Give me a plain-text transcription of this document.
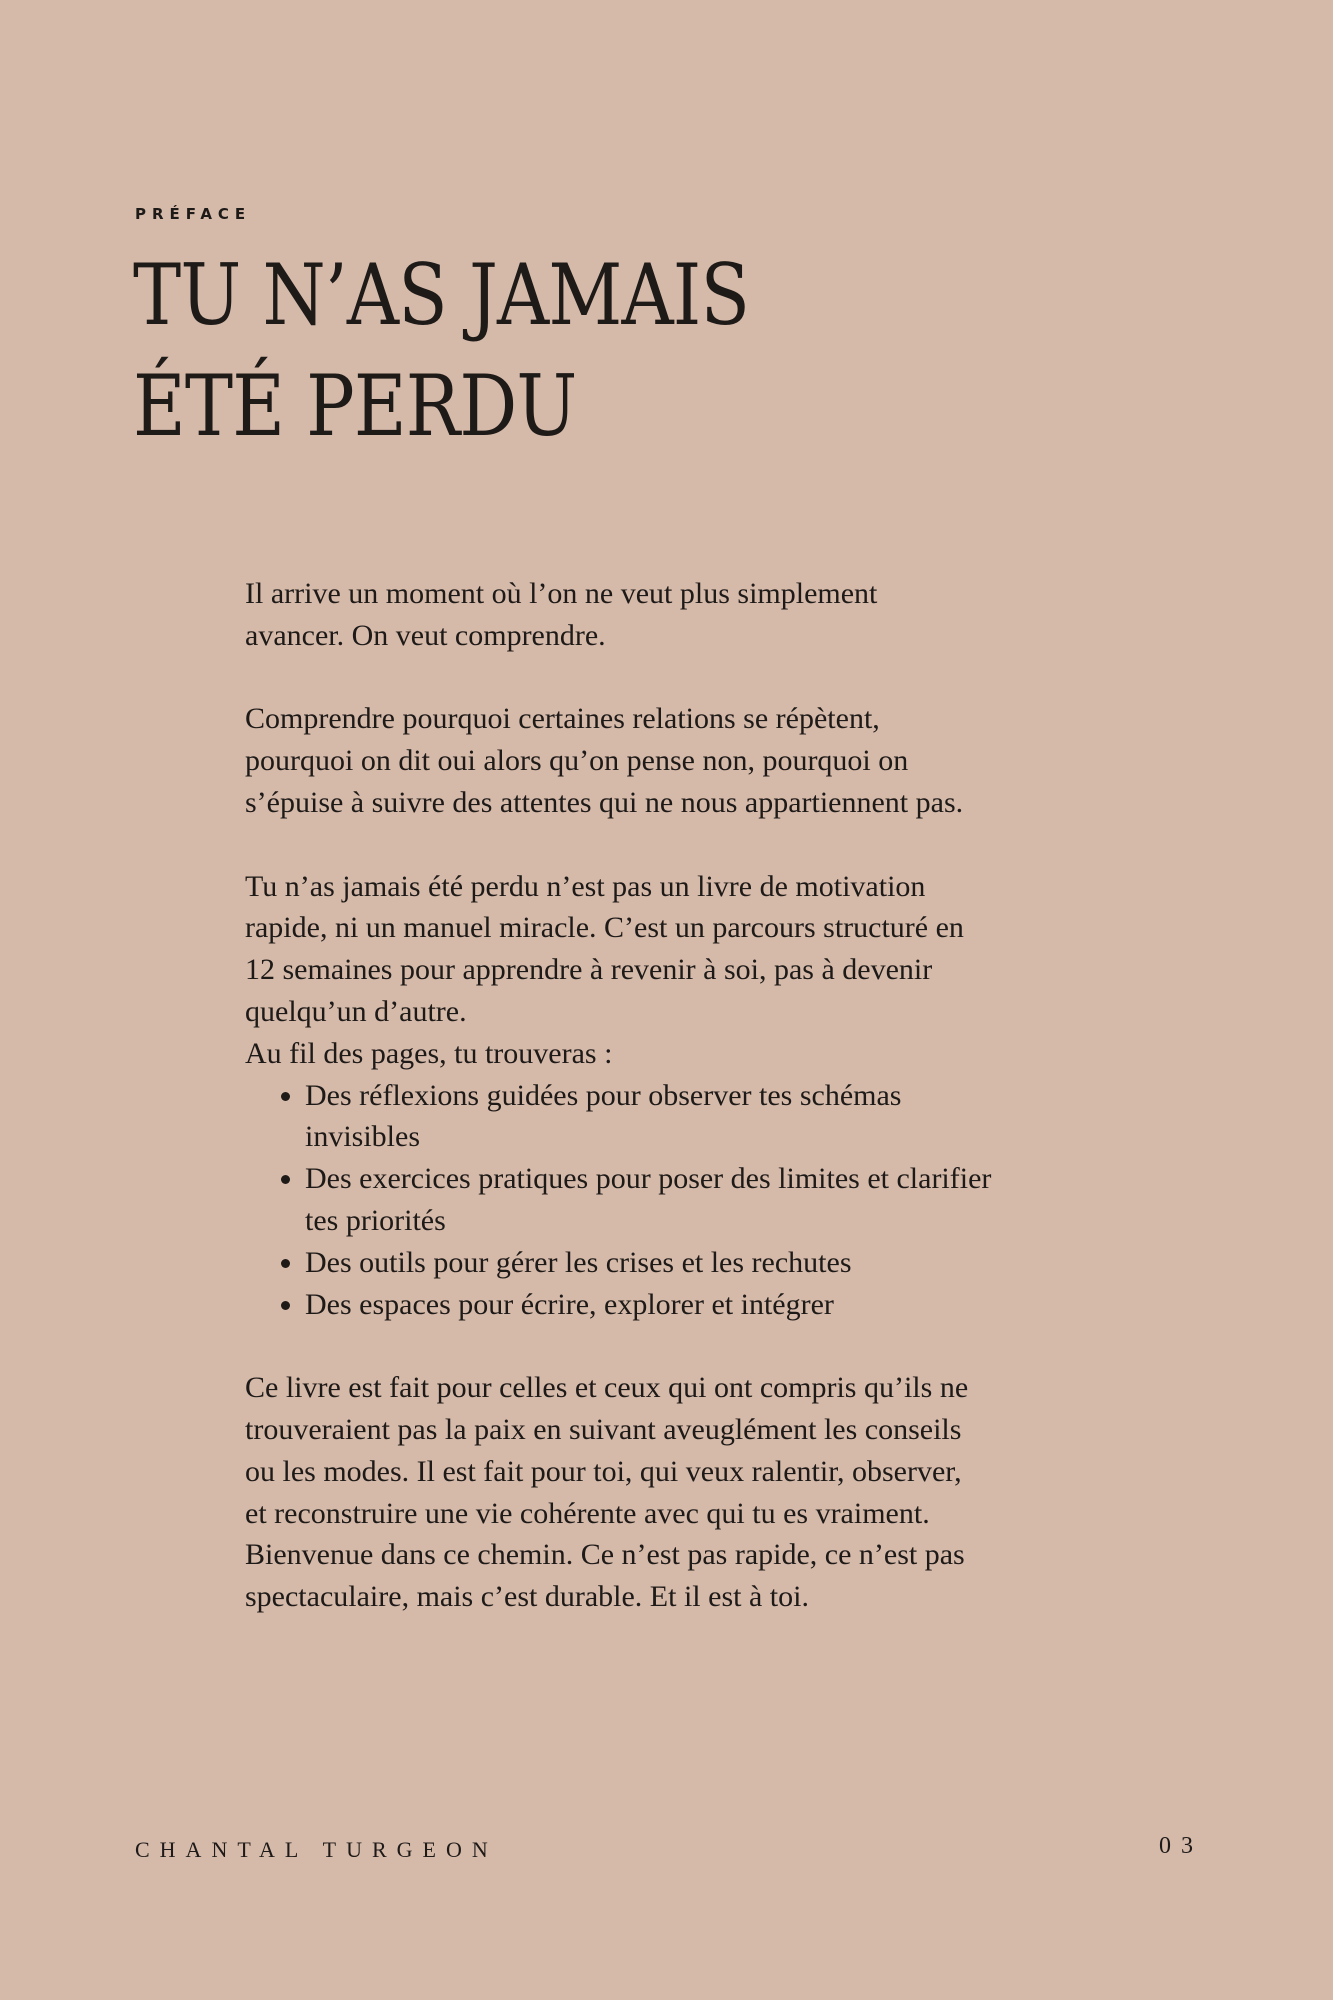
PRÉFACE

TU N’AS JAMAIS
ÉTÉ PERDU

Il arrive un moment où l’on ne veut plus simplement
avancer. On veut comprendre.

Comprendre pourquoi certaines relations se répètent,
pourquoi on dit oui alors qu’on pense non, pourquoi on
s’épuise à suivre des attentes qui ne nous appartiennent pas.

Tu n’as jamais été perdu n’est pas un livre de motivation
rapide, ni un manuel miracle. C’est un parcours structuré en
12 semaines pour apprendre à revenir à soi, pas à devenir
quelqu’un d’autre.

Au fil des pages, tu trouveras :

• Des réflexions guidées pour observer tes schémas
invisibles
• Des exercices pratiques pour poser des limites et clarifier
tes priorités
• Des outils pour gérer les crises et les rechutes
• Des espaces pour écrire, explorer et intégrer

Ce livre est fait pour celles et ceux qui ont compris qu’ils ne
trouveraient pas la paix en suivant aveuglément les conseils
ou les modes. Il est fait pour toi, qui veux ralentir, observer,
et reconstruire une vie cohérente avec qui tu es vraiment.

Bienvenue dans ce chemin. Ce n’est pas rapide, ce n’est pas
spectaculaire, mais c’est durable. Et il est à toi.

CHANTAL TURGEON	03
